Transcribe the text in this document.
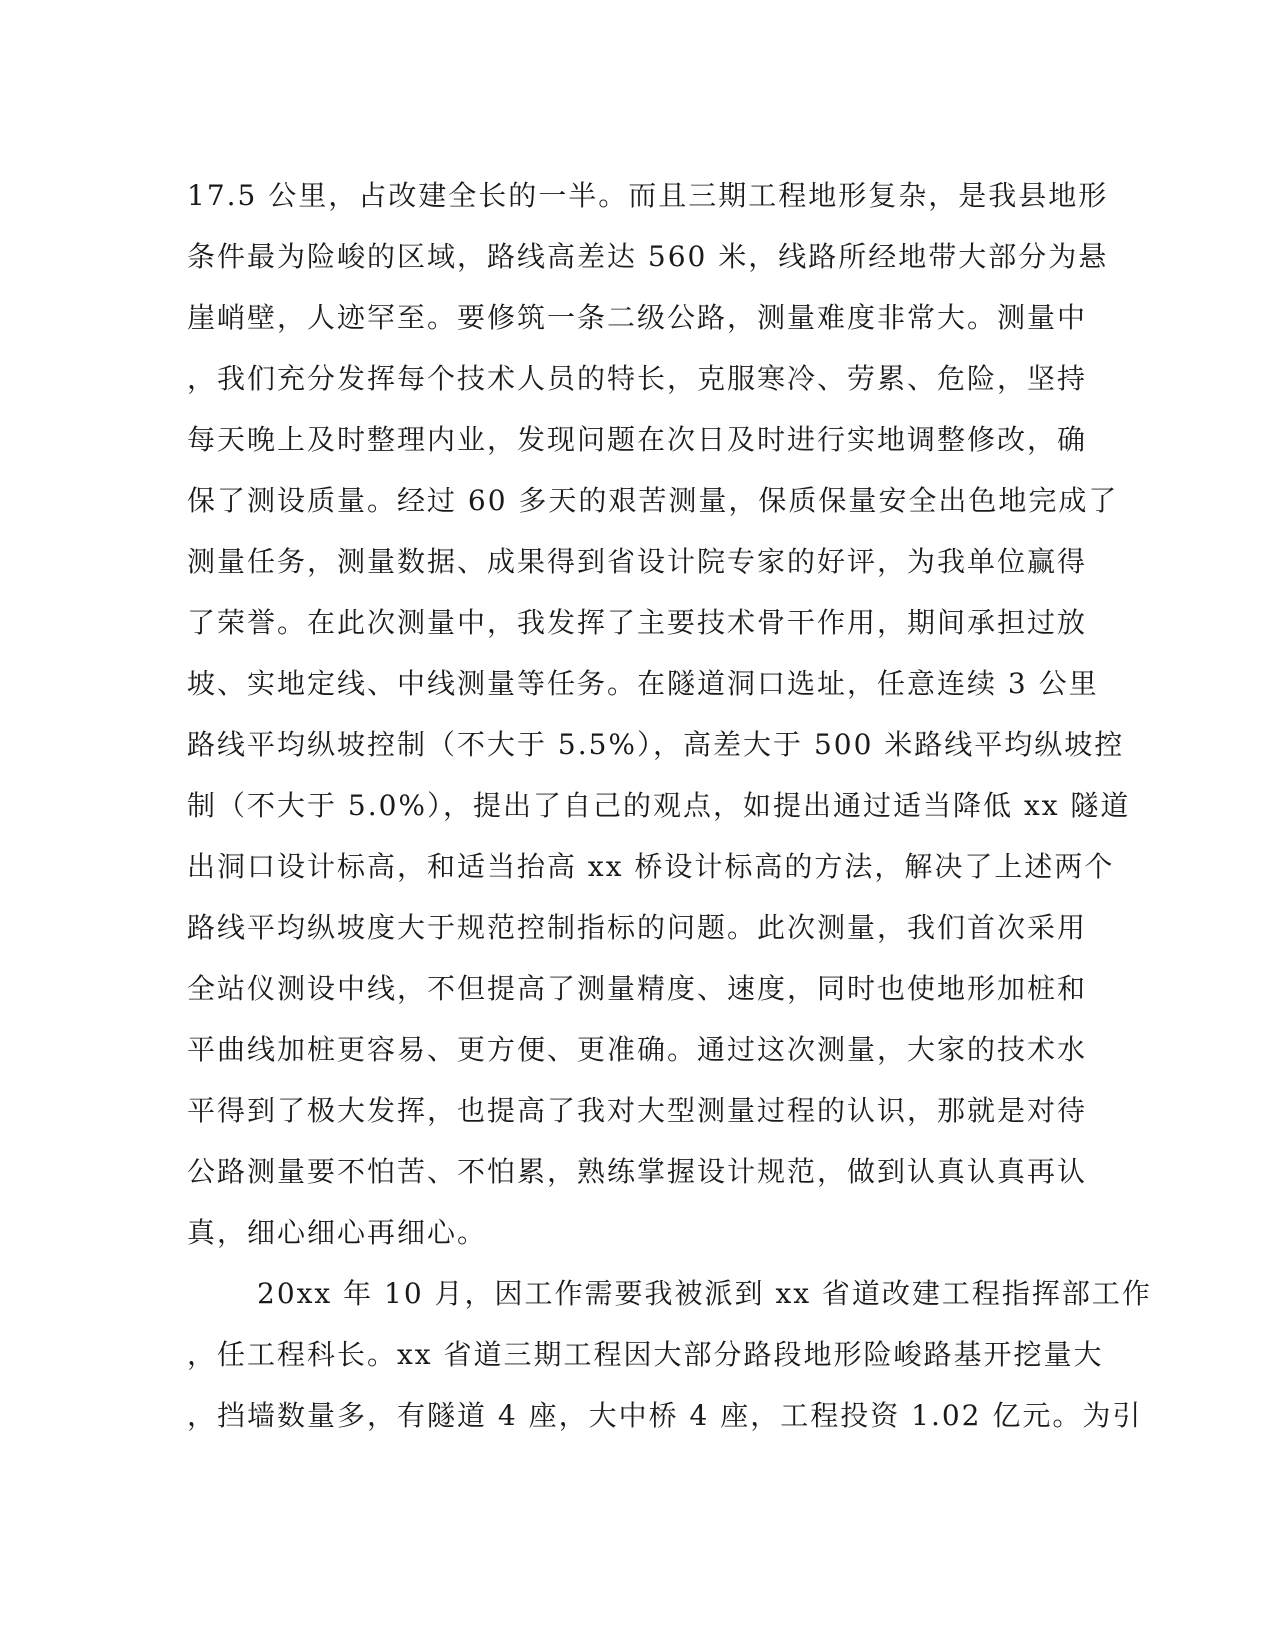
17.5 公里，占改建全长的一半。而且三期工程地形复杂，是我县地形
条件最为险峻的区域，路线高差达 560 米，线路所经地带大部分为悬
崖峭壁，人迹罕至。要修筑一条二级公路，测量难度非常大。测量中
，我们充分发挥每个技术人员的特长，克服寒冷、劳累、危险，坚持
每天晚上及时整理内业，发现问题在次日及时进行实地调整修改，确
保了测设质量。经过 60 多天的艰苦测量，保质保量安全出色地完成了
测量任务，测量数据、成果得到省设计院专家的好评，为我单位赢得
了荣誉。在此次测量中，我发挥了主要技术骨干作用，期间承担过放
坡、实地定线、中线测量等任务。在隧道洞口选址，任意连续 3 公里
路线平均纵坡控制（不大于 5.5%），高差大于 500 米路线平均纵坡控
制（不大于 5.0%），提出了自己的观点，如提出通过适当降低 xx 隧道
出洞口设计标高，和适当抬高 xx 桥设计标高的方法，解决了上述两个
路线平均纵坡度大于规范控制指标的问题。此次测量，我们首次采用
全站仪测设中线，不但提高了测量精度、速度，同时也使地形加桩和
平曲线加桩更容易、更方便、更准确。通过这次测量，大家的技术水
平得到了极大发挥，也提高了我对大型测量过程的认识，那就是对待
公路测量要不怕苦、不怕累，熟练掌握设计规范，做到认真认真再认
真，细心细心再细心。
20xx 年 10 月，因工作需要我被派到 xx 省道改建工程指挥部工作
，任工程科长。xx 省道三期工程因大部分路段地形险峻路基开挖量大
，挡墙数量多，有隧道 4 座，大中桥 4 座，工程投资 1.02 亿元。为引
